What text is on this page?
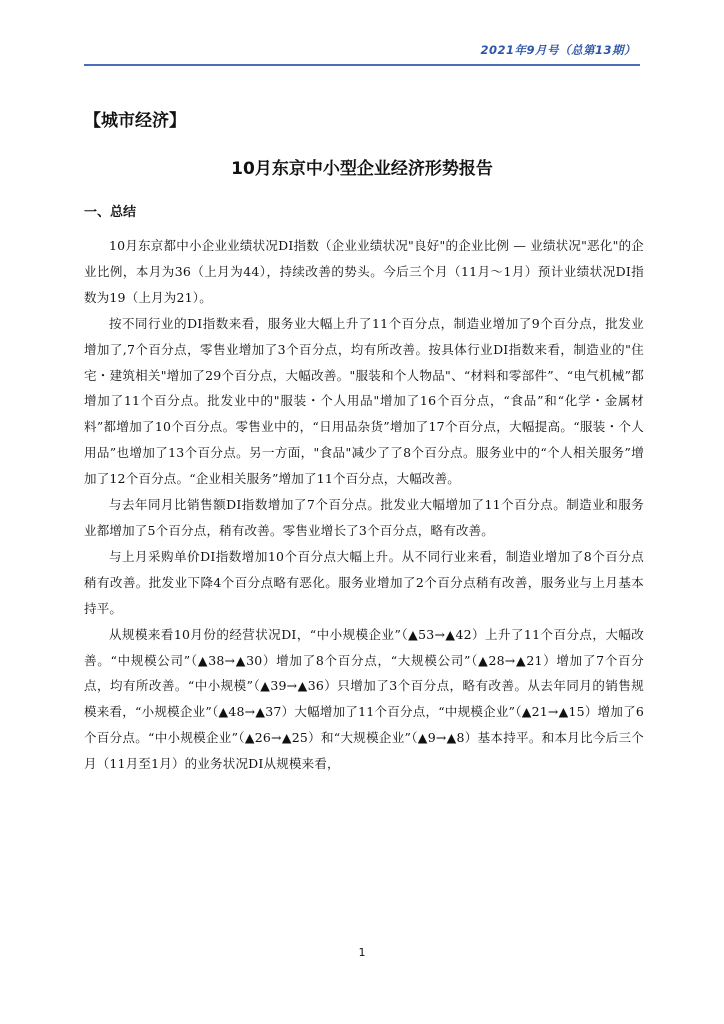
2021年9月号（总第13期）
【城市经济】
10月东京中小型企业经济形势报告
一、总结

10月东京都中小企业业绩状况DI指数（企业业绩状况"良好"的企业比例 — 业绩状况"恶化"的企业比例，本月为36（上月为44），持续改善的势头。今后三个月（11月～1月）预计业绩状况DI指数为19（上月为21）。

按不同行业的DI指数来看，服务业大幅上升了11个百分点，制造业增加了9个百分点，批发业增加了,7个百分点，零售业增加了3个百分点，均有所改善。按具体行业DI指数来看，制造业的"住宅・建筑相关"增加了29个百分点，大幅改善。"服装和个人物品"、“材料和零部件”、“电气机械”都增加了11个百分点。批发业中的"服装・个人用品"增加了16个百分点，“食品”和“化学・金属材料”都增加了10个百分点。零售业中的，“日用品杂货”增加了17个百分点，大幅提高。“服装・个人用品”也增加了13个百分点。另一方面，"食品"减少了了8个百分点。服务业中的“个人相关服务”增加了12个百分点。“企业相关服务”增加了11个百分点，大幅改善。

与去年同月比销售额DI指数增加了7个百分点。批发业大幅增加了11个百分点。制造业和服务业都增加了5个百分点，稍有改善。零售业增长了3个百分点，略有改善。

与上月采购单价DI指数增加10个百分点大幅上升。从不同行业来看，制造业增加了8个百分点稍有改善。批发业下降4个百分点略有恶化。服务业增加了2个百分点稍有改善，服务业与上月基本持平。

从规模来看10月份的经营状况DI，“中小规模企业”（▲53→▲42）上升了11个百分点，大幅改善。“中规模公司”（▲38→▲30）增加了8个百分点，“大规模公司”（▲28→▲21）增加了7个百分点，均有所改善。“中小规模”（▲39→▲36）只增加了3个百分点，略有改善。从去年同月的销售规模来看，“小规模企业”（▲48→▲37）大幅增加了11个百分点，“中规模企业”（▲21→▲15）增加了6个百分点。“中小规模企业”（▲26→▲25）和“大规模企业”（▲9→▲8）基本持平。和本月比今后三个月（11月至1月）的业务状况DI从规模来看，

1
